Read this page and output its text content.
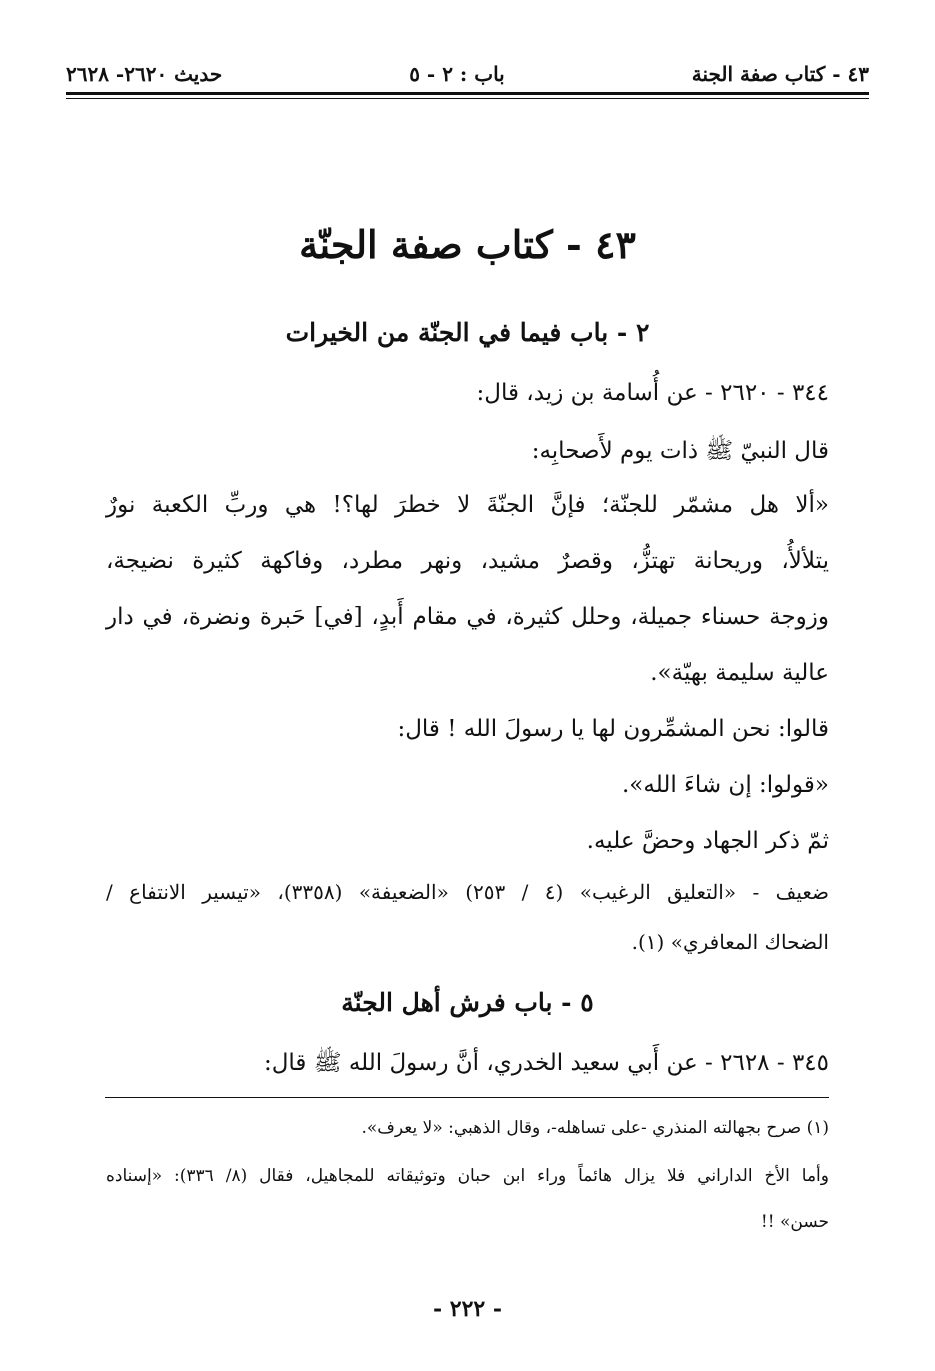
٤٣ - كتاب صفة الجنة
باب : ٢ - ٥
حديث ٢٦٢٠- ٢٦٢٨
٤٣ - كتاب صفة الجنّة
٢ - باب فيما في الجنّة من الخيرات
٣٤٤ - ٢٦٢٠ - عن أُسامة بن زيد، قال:
قال النبيّ ﷺ ذات يوم لأَصحابِه:
«ألا هل مشمّر للجنّة؛ فإنَّ الجنّةَ لا خطرَ لها؟! هي وربِّ الكعبة نورٌ
يتلألأُ، وريحانة تهتزُّ، وقصرٌ مشيد، ونهر مطرد، وفاكهة كثيرة نضيجة،
وزوجة حسناء جميلة، وحلل كثيرة، في مقام أَبدٍ، [في] حَبرة ونضرة، في دار
عالية سليمة بهيّة».
قالوا: نحن المشمِّرون لها يا رسولَ الله ! قال:
«قولوا: إن شاءَ الله».
ثمّ ذكر الجهاد وحضَّ عليه.
ضعيف - «التعليق الرغيب» (٤ / ٢٥٣) «الضعيفة» (٣٣٥٨)، «تيسير الانتفاع /
الضحاك المعافري» (١).
٥ - باب فرش أهل الجنّة
٣٤٥ - ٢٦٢٨ - عن أَبي سعيد الخدري، أنَّ رسولَ الله ﷺ قال:
(١) صرح بجهالته المنذري -على تساهله-، وقال الذهبي: «لا يعرف».
وأما الأخ الداراني فلا يزال هائماً وراء ابن حبان وتوثيقاته للمجاهيل، فقال (٨/ ٣٣٦): «إسناده
حسن» !!
- ٢٢٢ -
